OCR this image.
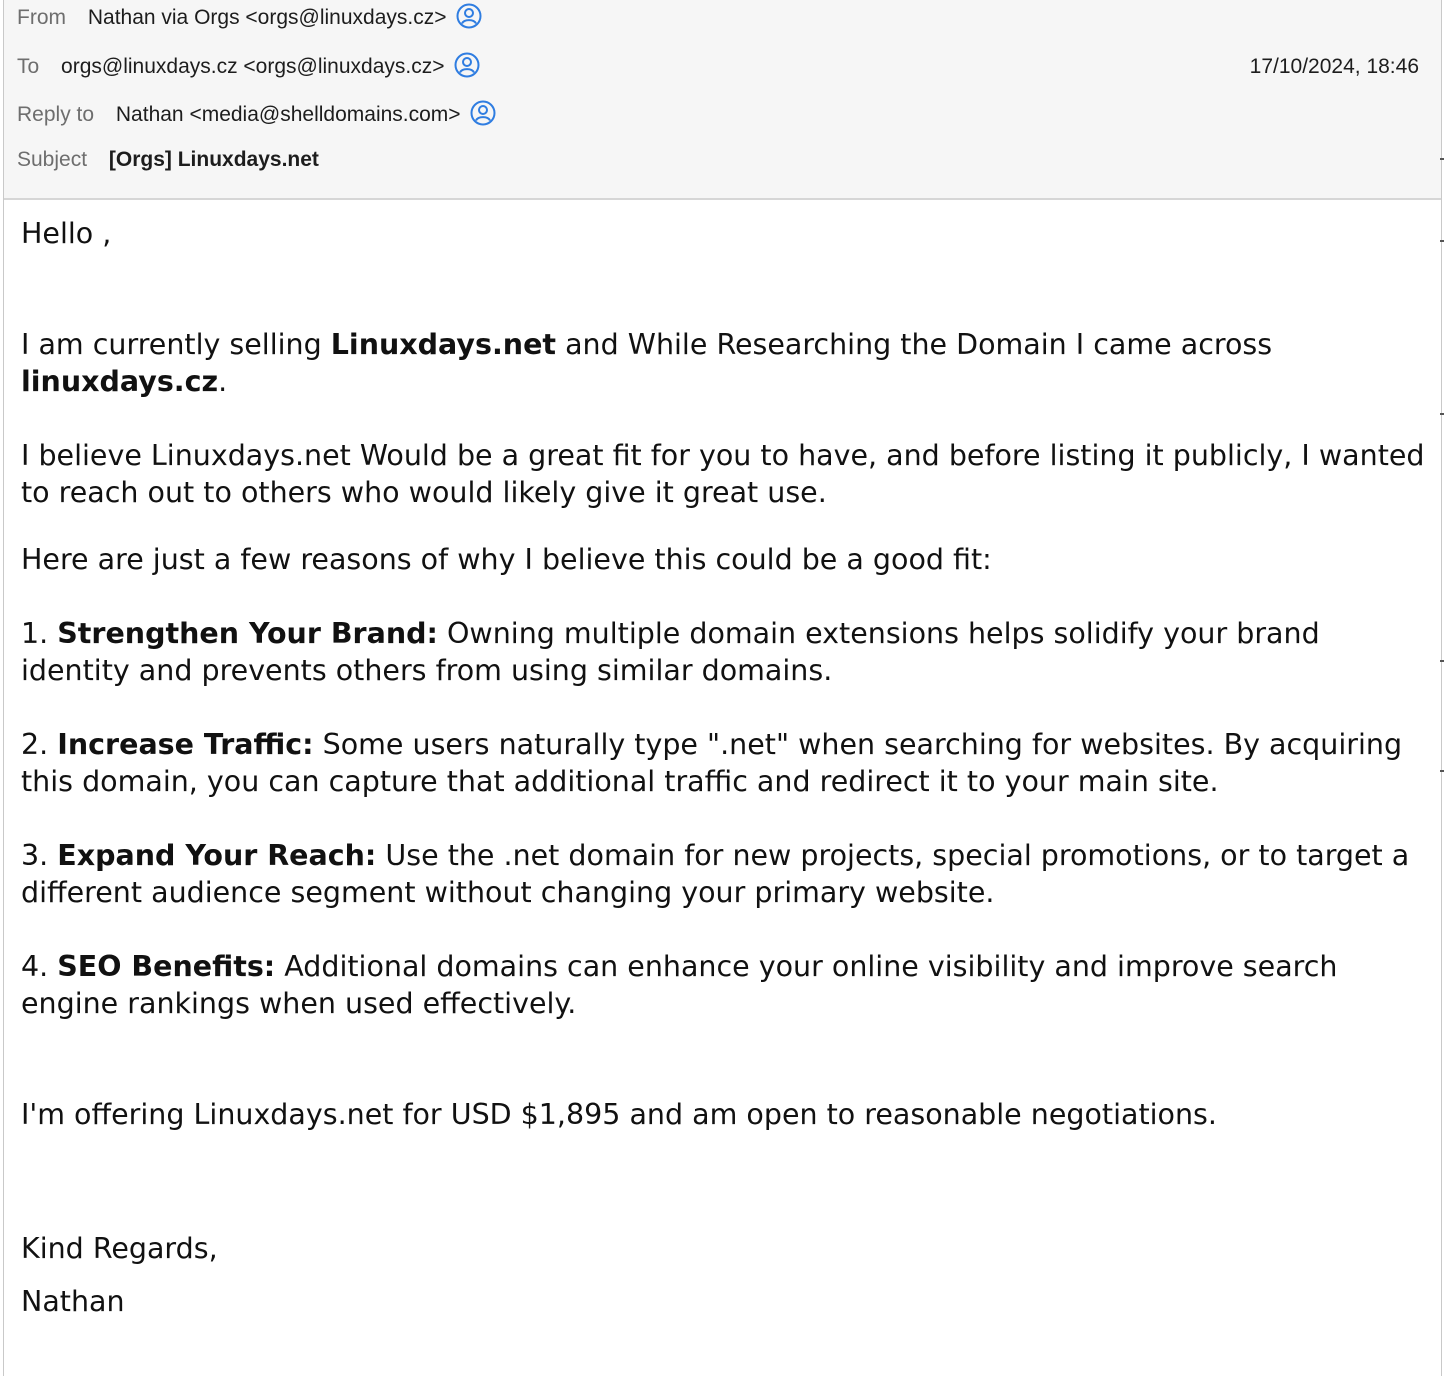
From Nathan via Orgs <orgs@linuxdays.cz>
To orgs@linuxdays.cz <orgs@linuxdays.cz>	17/10/2024, 18:46
Reply to Nathan <media@shelldomains.com>
Subject [Orgs] Linuxdays.net

Hello ,

I am currently selling Linuxdays.net and While Researching the Domain I came across linuxdays.cz.

I believe Linuxdays.net Would be a great fit for you to have, and before listing it publicly, I wanted to reach out to others who would likely give it great use.

Here are just a few reasons of why I believe this could be a good fit:

1. Strengthen Your Brand: Owning multiple domain extensions helps solidify your brand identity and prevents others from using similar domains.

2. Increase Traffic: Some users naturally type ".net" when searching for websites. By acquiring this domain, you can capture that additional traffic and redirect it to your main site.

3. Expand Your Reach: Use the .net domain for new projects, special promotions, or to target a different audience segment without changing your primary website.

4. SEO Benefits: Additional domains can enhance your online visibility and improve search engine rankings when used effectively.

I'm offering Linuxdays.net for USD $1,895 and am open to reasonable negotiations.

Kind Regards,

Nathan
